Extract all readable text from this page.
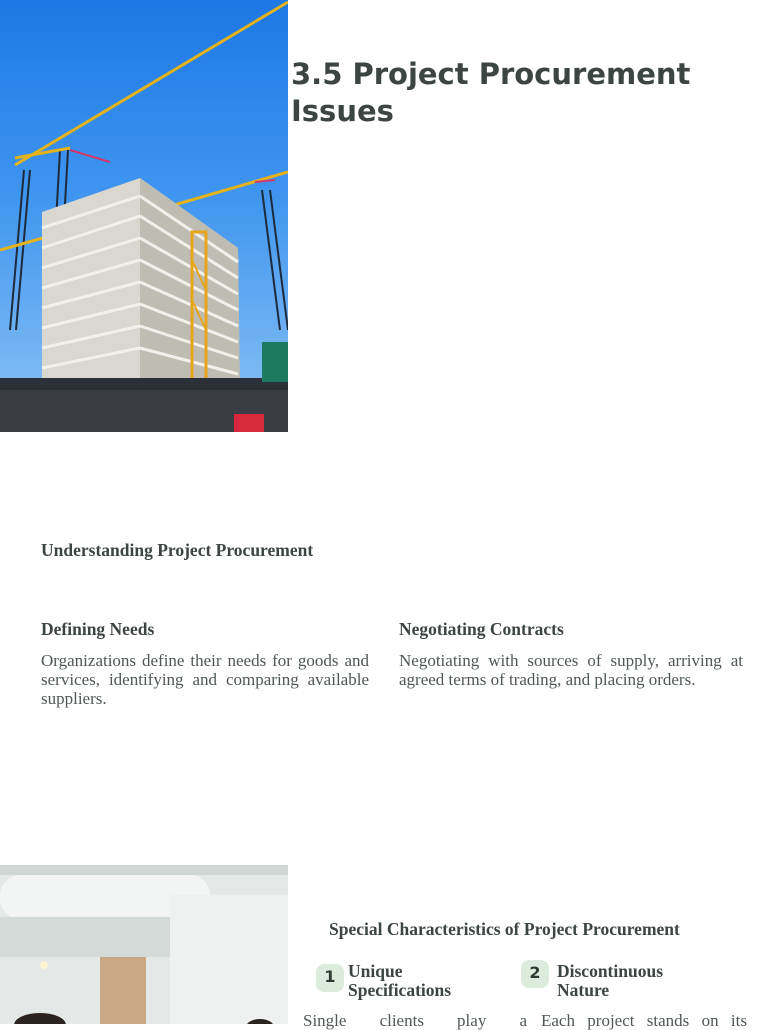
3.5 Project Procurement Issues
Understanding Project Procurement
Defining Needs

Organizations define their needs for goods and services, identifying and comparing available suppliers.

Negotiating Contracts

Negotiating with sources of supply, arriving at agreed terms of trading, and placing orders.

Special Characteristics of Project Procurement
1 Unique Specifications

Single clients play a

2 Discontinuous Nature

Each project stands on its
